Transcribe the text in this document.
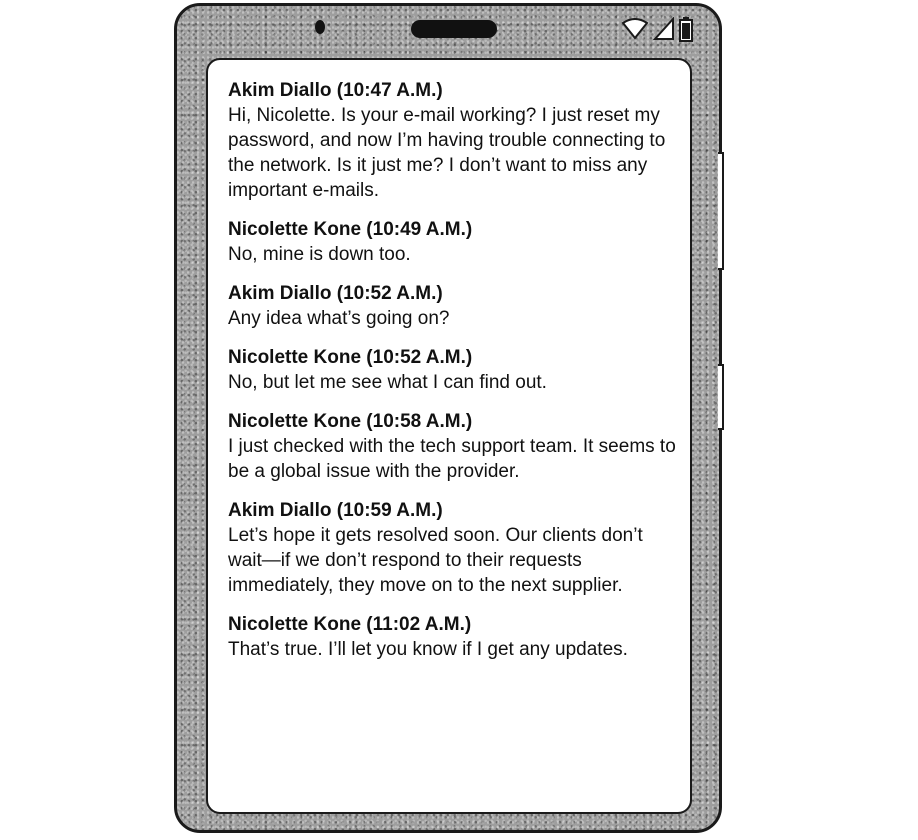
Akim Diallo (10:47 A.M.)
Hi, Nicolette. Is your e-mail working? I just reset my password, and now I’m having trouble connecting to the network. Is it just me? I don’t want to miss any important e-mails.
Nicolette Kone (10:49 A.M.)
No, mine is down too.
Akim Diallo (10:52 A.M.)
Any idea what’s going on?
Nicolette Kone (10:52 A.M.)
No, but let me see what I can find out.
Nicolette Kone (10:58 A.M.)
I just checked with the tech support team. It seems to be a global issue with the provider.
Akim Diallo (10:59 A.M.)
Let’s hope it gets resolved soon. Our clients don’t wait—if we don’t respond to their requests immediately, they move on to the next supplier.
Nicolette Kone (11:02 A.M.)
That’s true. I’ll let you know if I get any updates.
